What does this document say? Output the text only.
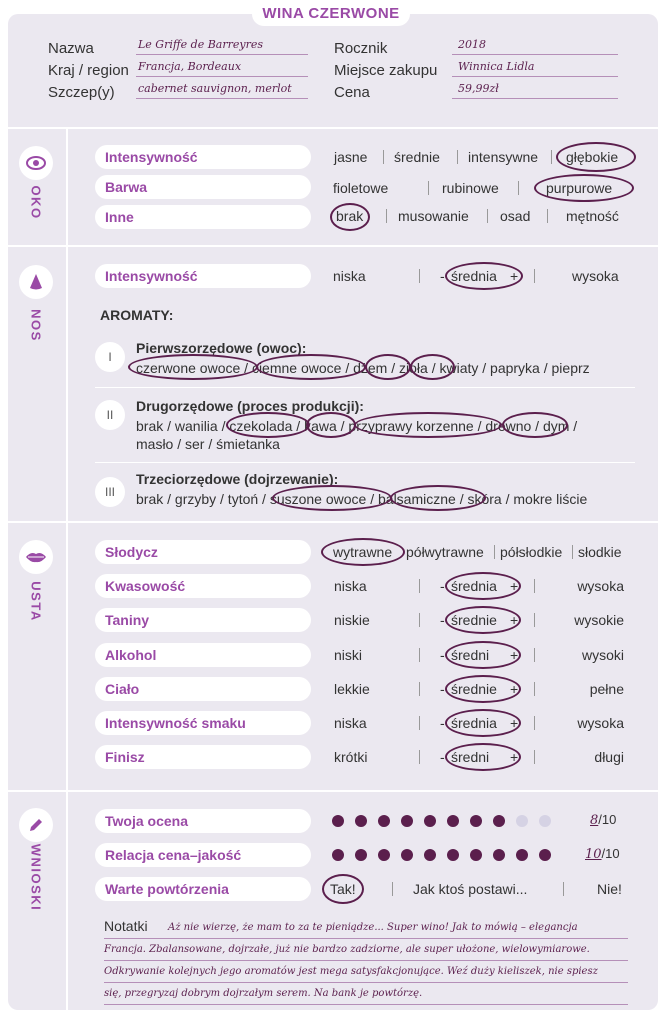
WINA CZERWONE
Nazwa	Le Griffe de Barreyres
Kraj / region Francja, Bordeaux
Szczep(y) cabernet sauvignon, merlot
Rocznik	2018
Miejsce zakupu Winnica Lidla
Cena	59,99zł
OKO
Intensywność	jasne średnie intensywne głębokie
Barwa	fioletowe	rubinowe	purpurowe
Inne	brak musowanie osad	mętność
NOS
Intensywność	niska	- średnia +	wysoka
AROMATY:
I
Pierwszorzędowe (owoc):
czerwone owoce / ciemne owoce / dżem / zioła / kwiaty / papryka / pieprz
II
Drugorzędowe (proces produkcji):
brak / wanilia / czekolada / kawa / przyprawy korzenne / drewno / dym /
masło / ser / śmietanka
III
Trzeciorzędowe (dojrzewanie):
brak / grzyby / tytoń / suszone owoce / balsamiczne / skóra / mokre liście
USTA
Słodycz	wytrawne półwytrawne półsłodkie słodkie
Kwasowość	niska	- średnia +	wysoka
Taniny	niskie	- średnie +	wysokie
Alkohol	niski	- średni +	wysoki
Ciało	lekkie	- średnie +	pełne
Intensywność smaku	niska	- średnia +	wysoka
Finisz	krótki	- średni +	długi
WNIOSKI
Twoja ocena	8/10
Relacja cena–jakość	10/10
Warte powtórzenia	Tak!	Jak ktoś postawi...	Nie!
Notatki Aż nie wierzę, że mam to za te pieniądze... Super wino! Jak to mówią – elegancja
Francja. Zbalansowane, dojrzałe, już nie bardzo zadziorne, ale super ułożone, wielowymiarowe.
Odkrywanie kolejnych jego aromatów jest mega satysfakcjonujące. Weź duży kieliszek, nie spiesz
się, przegryzaj dobrym dojrzałym serem. Na bank je powtórzę.
